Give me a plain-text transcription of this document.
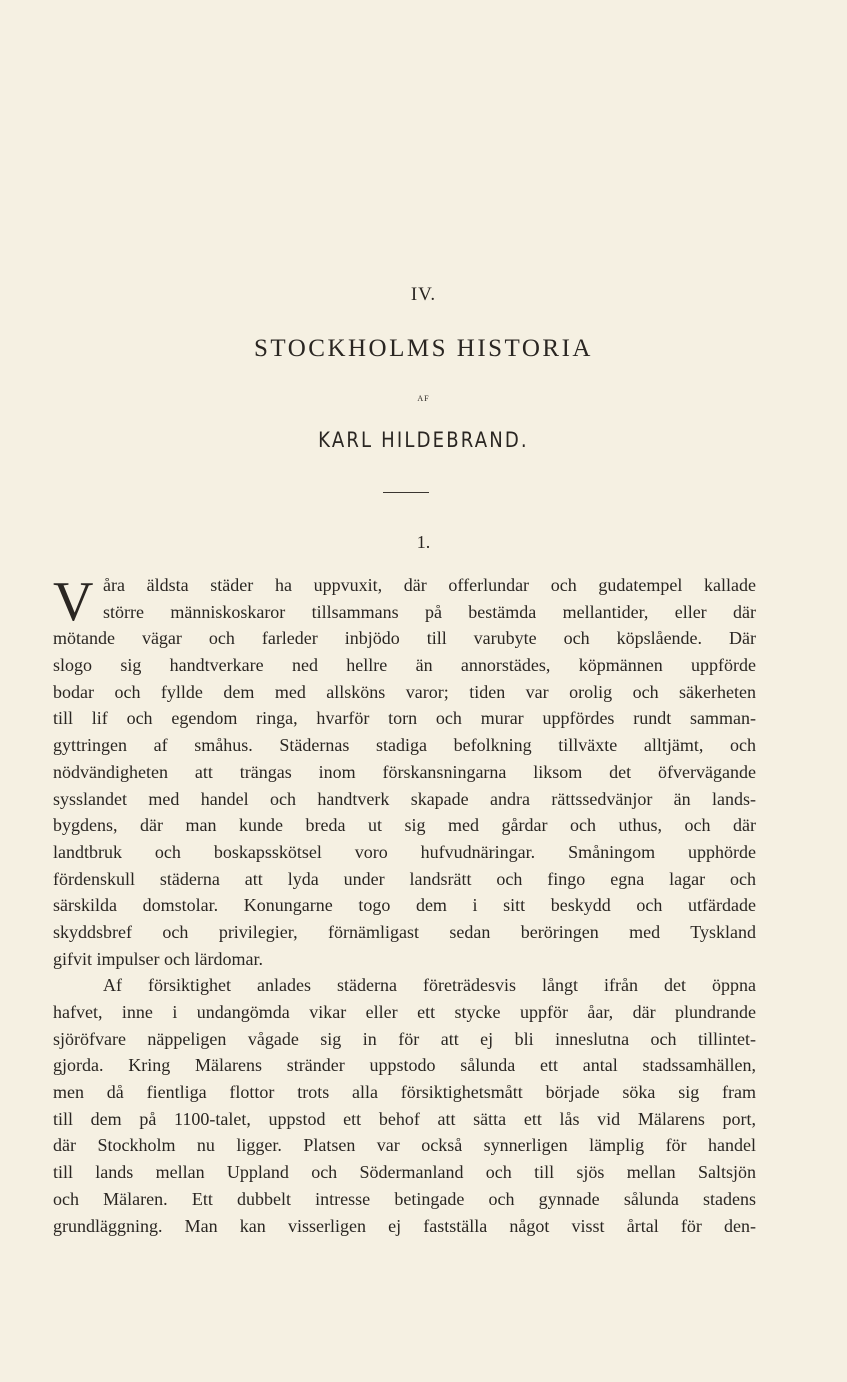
IV.
STOCKHOLMS HISTORIA
AF
KARL HILDEBRAND.
1.
V åra äldsta städer ha uppvuxit, där offerlundar och gudatempel kallade
större människoskaror tillsammans på bestämda mellantider, eller där
mötande vägar och farleder inbjödo till varubyte och köpslående. Där
slogo sig handtverkare ned hellre än annorstädes, köpmännen uppförde
bodar och fyllde dem med allsköns varor; tiden var orolig och säkerheten
till lif och egendom ringa, hvarför torn och murar uppfördes rundt samman-
gyttringen af småhus. Städernas stadiga befolkning tillväxte alltjämt, och
nödvändigheten att trängas inom förskansningarna liksom det öfvervägande
sysslandet med handel och handtverk skapade andra rättssedvänjor än lands-
bygdens, där man kunde breda ut sig med gårdar och uthus, och där
landtbruk och boskapsskötsel voro hufvudnäringar. Småningom upphörde
fördenskull städerna att lyda under landsrätt och fingo egna lagar och
särskilda domstolar. Konungarne togo dem i sitt beskydd och utfärdade
skyddsbref och privilegier, förnämligast sedan beröringen med Tyskland
gifvit impulser och lärdomar.
Af försiktighet anlades städerna företrädesvis långt ifrån det öppna
hafvet, inne i undangömda vikar eller ett stycke uppför åar, där plundrande
sjöröfvare näppeligen vågade sig in för att ej bli inneslutna och tillintet-
gjorda. Kring Mälarens stränder uppstodo sålunda ett antal stadssamhällen,
men då fientliga flottor trots alla försiktighetsmått började söka sig fram
till dem på 1100-talet, uppstod ett behof att sätta ett lås vid Mälarens port,
där Stockholm nu ligger. Platsen var också synnerligen lämplig för handel
till lands mellan Uppland och Södermanland och till sjös mellan Saltsjön
och Mälaren. Ett dubbelt intresse betingade och gynnade sålunda stadens
grundläggning. Man kan visserligen ej fastställa något visst årtal för den-
